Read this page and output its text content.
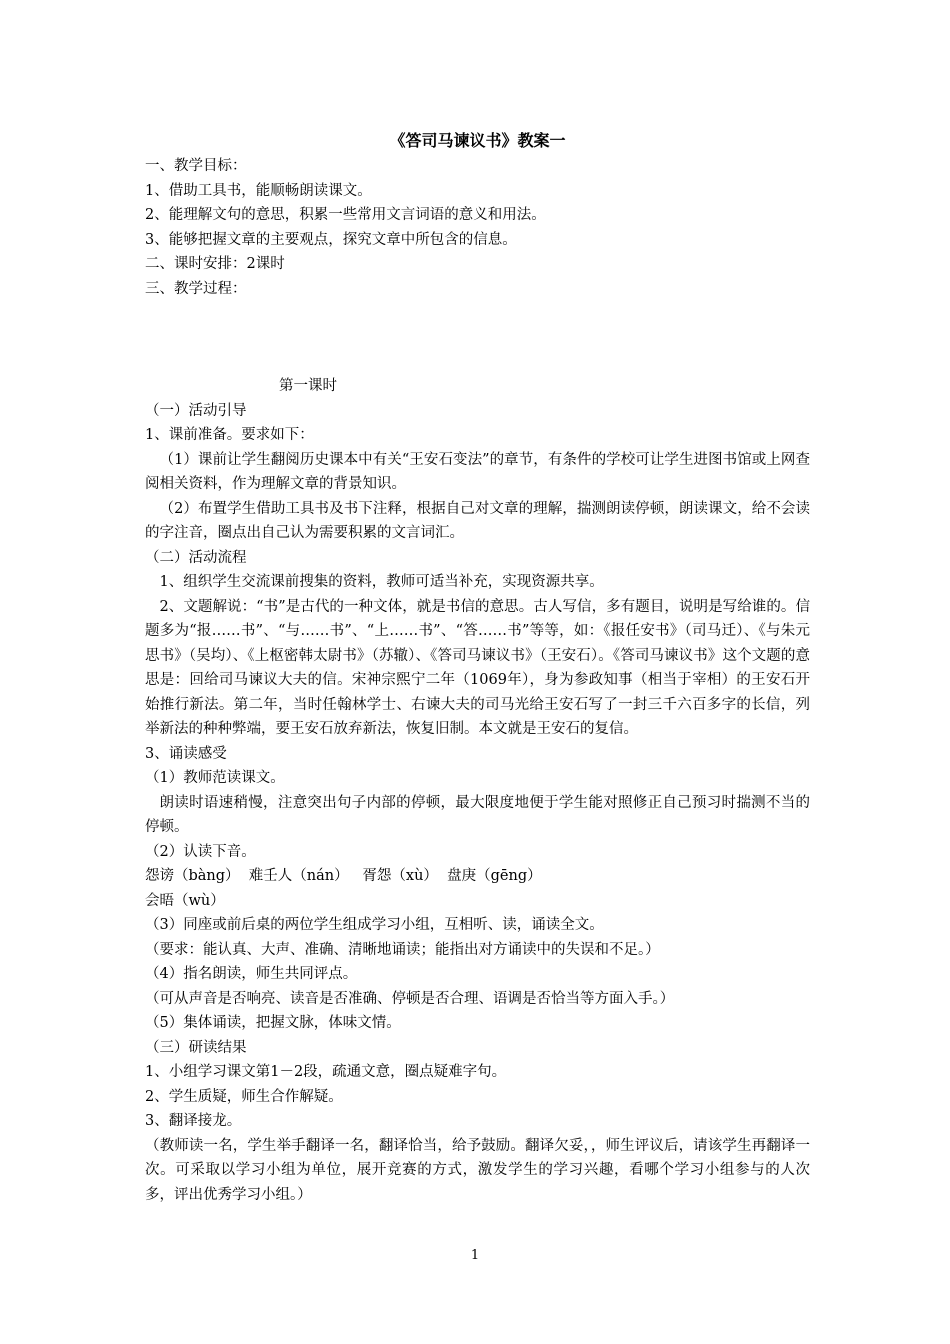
《答司马谏议书》教案一

一、教学目标：

1、借助工具书，能顺畅朗读课文。

2、能理解文句的意思，积累一些常用文言词语的意义和用法。

3、能够把握文章的主要观点，探究文章中所包含的信息。

二、课时安排：2课时

三、教学过程：

第一课时

（一）活动引导

1、课前准备。要求如下：

（1）课前让学生翻阅历史课本中有关“王安石变法”的章节，有条件的学校可让学生进图书馆或上网查阅相关资料，作为理解文章的背景知识。

（2）布置学生借助工具书及书下注释，根据自己对文章的理解，揣测朗读停顿，朗读课文，给不会读的字注音，圈点出自己认为需要积累的文言词汇。

（二）活动流程

1、组织学生交流课前搜集的资料，教师可适当补充，实现资源共享。

2、文题解说：“书”是古代的一种文体，就是书信的意思。古人写信，多有题目，说明是写给谁的。信题多为“报……书”、“与……书”、“上……书”、“答……书”等等，如：《报任安书》（司马迁）、《与朱元思书》（吴均）、《上枢密韩太尉书》（苏辙）、《答司马谏议书》（王安石）。《答司马谏议书》这个文题的意思是：回给司马谏议大夫的信。宋神宗熙宁二年（1069年），身为参政知事（相当于宰相）的王安石开始推行新法。第二年，当时任翰林学士、右谏大夫的司马光给王安石写了一封三千六百多字的长信，列举新法的种种弊端，要王安石放弃新法，恢复旧制。本文就是王安石的复信。

3、诵读感受

（1）教师范读课文。

朗读时语速稍慢，注意突出句子内部的停顿，最大限度地便于学生能对照修正自己预习时揣测不当的停顿。

（2）认读下音。

怨谤（bàng）  难壬人（nán）   胥怨（xù）  盘庚（gēng）

会晤（wù）

（3）同座或前后桌的两位学生组成学习小组，互相听、读，诵读全文。

（要求：能认真、大声、准确、清晰地诵读；能指出对方诵读中的失误和不足。）

（4）指名朗读，师生共同评点。

（可从声音是否响亮、读音是否准确、停顿是否合理、语调是否恰当等方面入手。）

（5）集体诵读，把握文脉，体味文情。

（三）研读结果

1、小组学习课文第1－2段，疏通文意，圈点疑难字句。

2、学生质疑，师生合作解疑。

3、翻译接龙。

（教师读一名，学生举手翻译一名，翻译恰当，给予鼓励。翻译欠妥，，师生评议后，请该学生再翻译一次。可采取以学习小组为单位，展开竞赛的方式，激发学生的学习兴趣，看哪个学习小组参与的人次多，评出优秀学习小组。）

1
